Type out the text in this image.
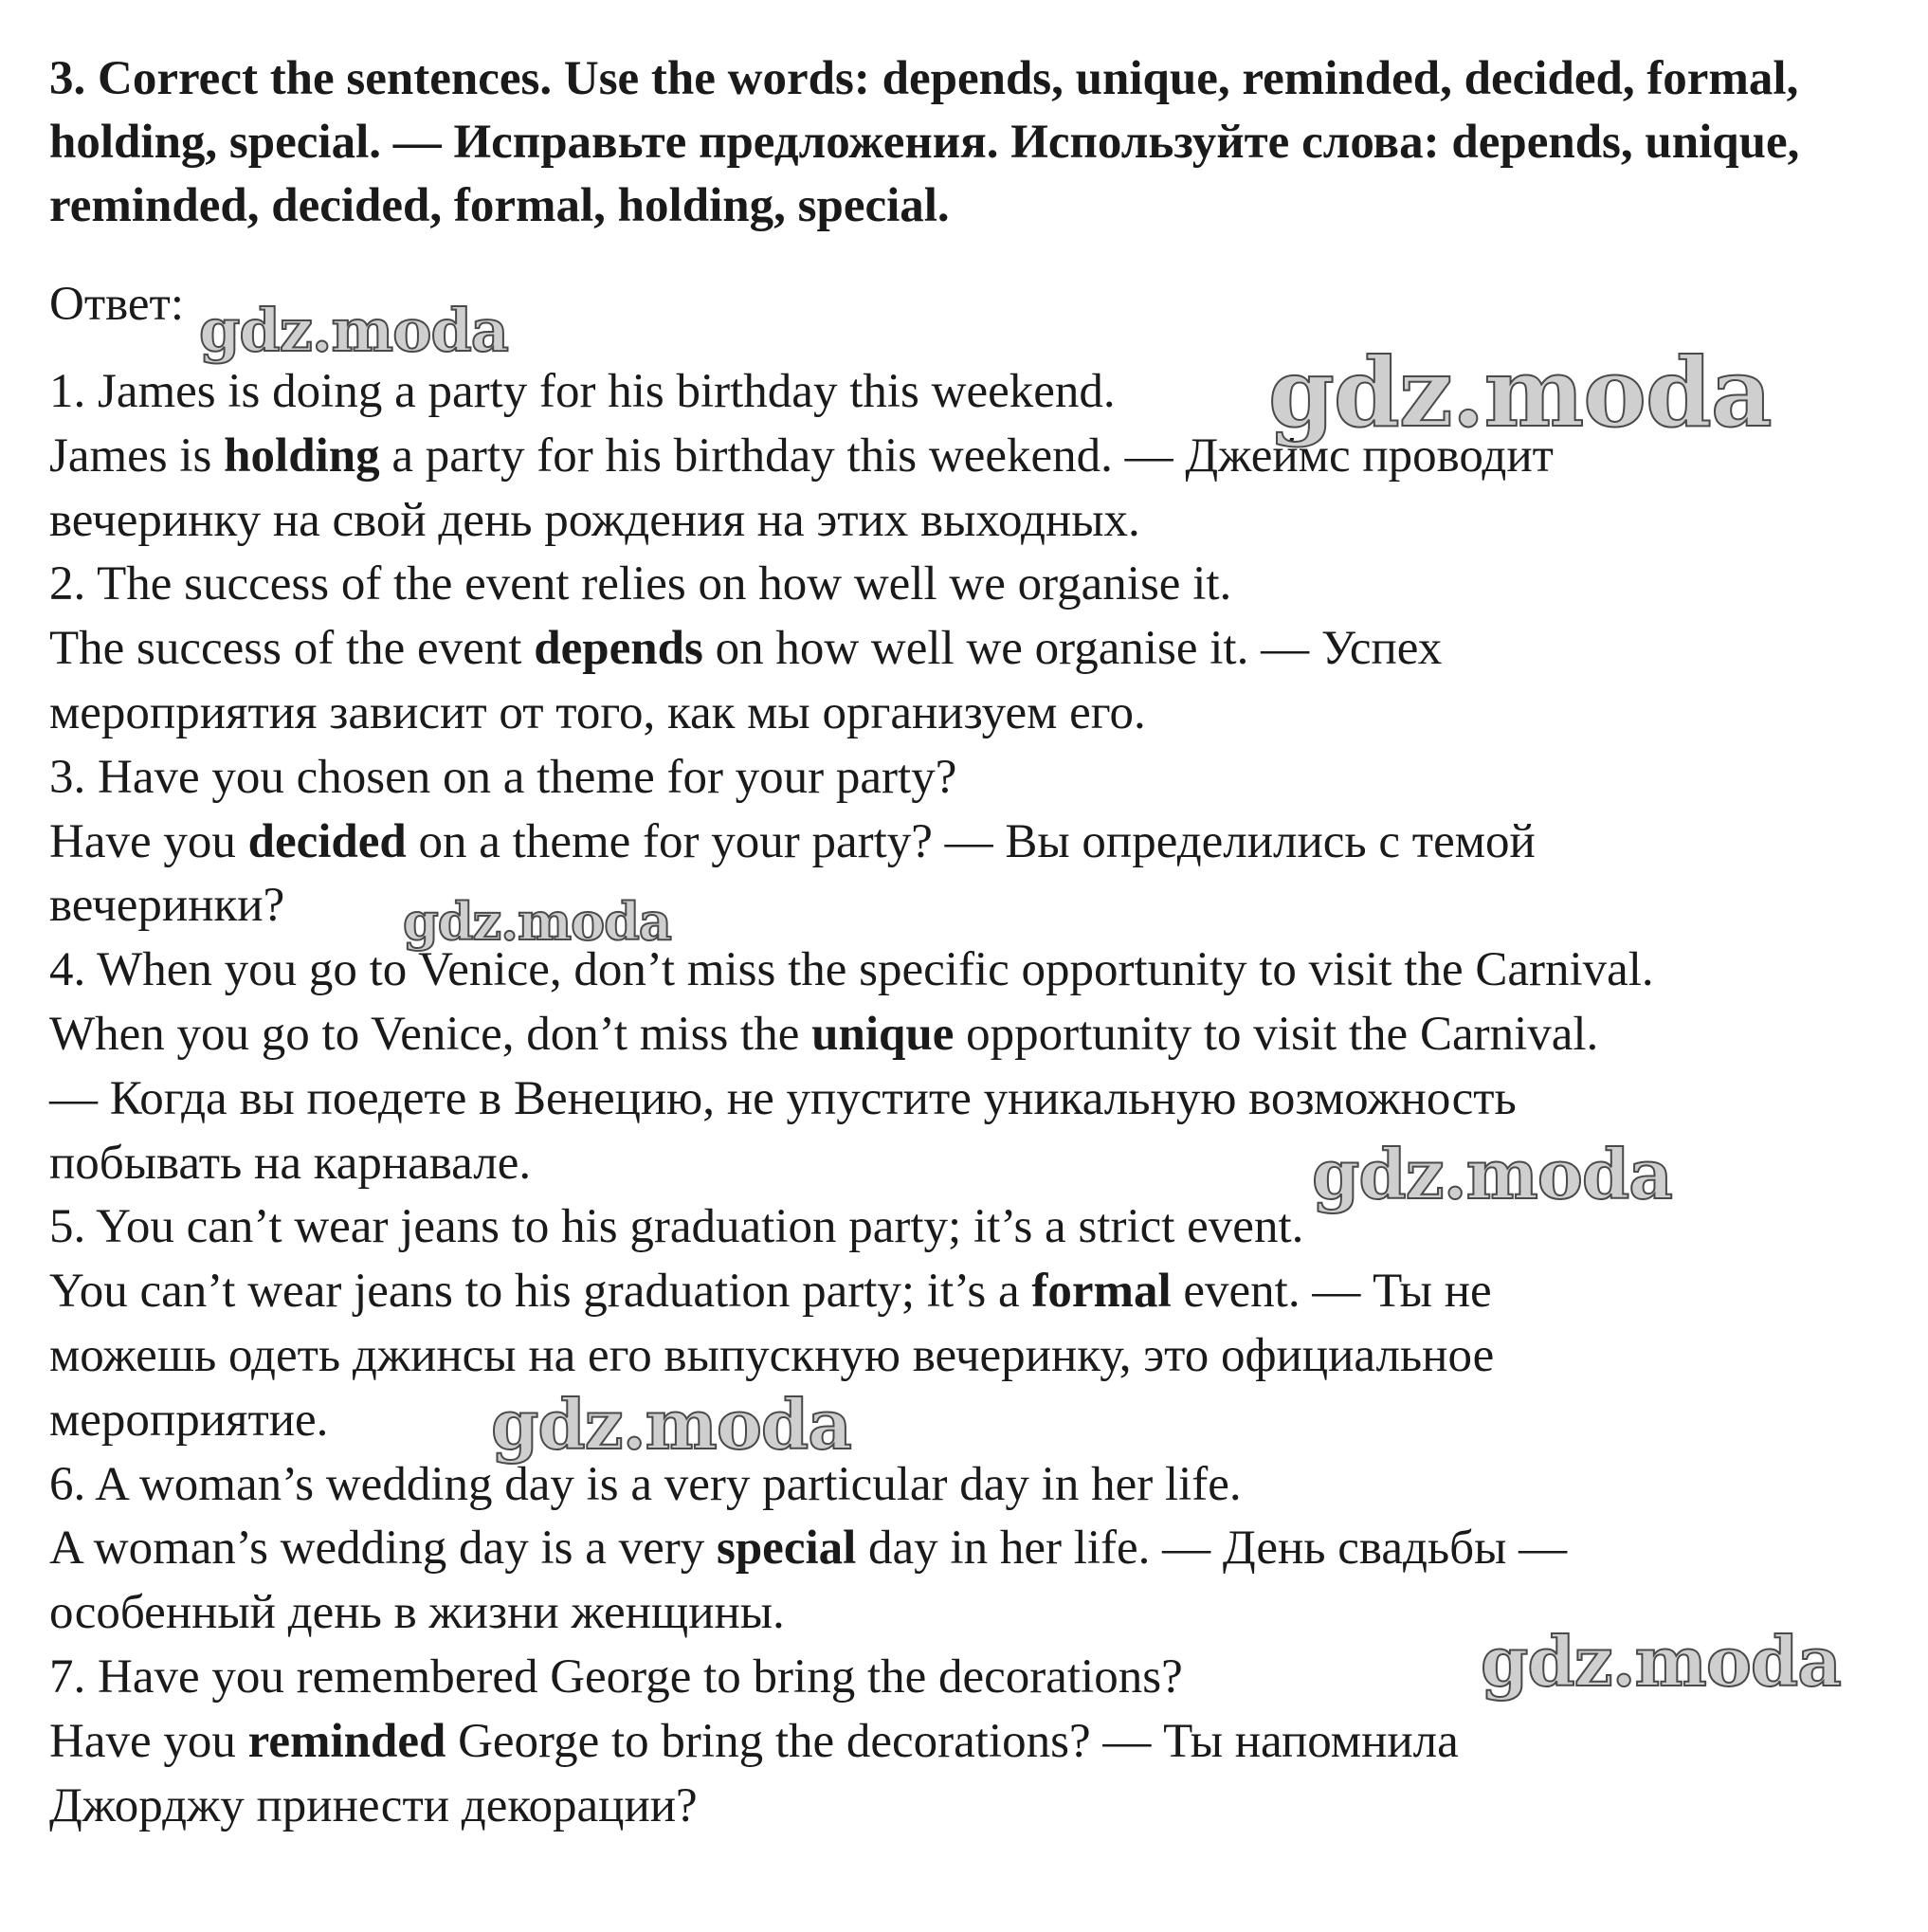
3. Correct the sentences. Use the words: depends, unique, reminded, decided, formal, holding, special. — Исправьте предложения. Используйте слова: depends, unique, reminded, decided, formal, holding, special.

Ответ:

1. James is doing a party for his birthday this weekend.
James is holding a party for his birthday this weekend. — Джеймс проводит
вечеринку на свой день рождения на этих выходных.
2. The success of the event relies on how well we organise it.
The success of the event depends on how well we organise it. — Успех
мероприятия зависит от того, как мы организуем его.
3. Have you chosen on a theme for your party?
Have you decided on a theme for your party? — Вы определились с темой
вечеринки?
4. When you go to Venice, don’t miss the specific opportunity to visit the Carnival.
When you go to Venice, don’t miss the unique opportunity to visit the Carnival.
— Когда вы поедете в Венецию, не упустите уникальную возможность
побывать на карнавале.
5. You can’t wear jeans to his graduation party; it’s a strict event.
You can’t wear jeans to his graduation party; it’s a formal event. — Ты не
можешь одеть джинсы на его выпускную вечеринку, это официальное
мероприятие.
6. A woman’s wedding day is a very particular day in her life.
A woman’s wedding day is a very special day in her life. — День свадьбы —
особенный день в жизни женщины.
7. Have you remembered George to bring the decorations?
Have you reminded George to bring the decorations? — Ты напомнила
Джорджу принести декорации?
gdz.moda
gdz.moda
gdz.moda
gdz.moda
gdz.moda
gdz.moda
